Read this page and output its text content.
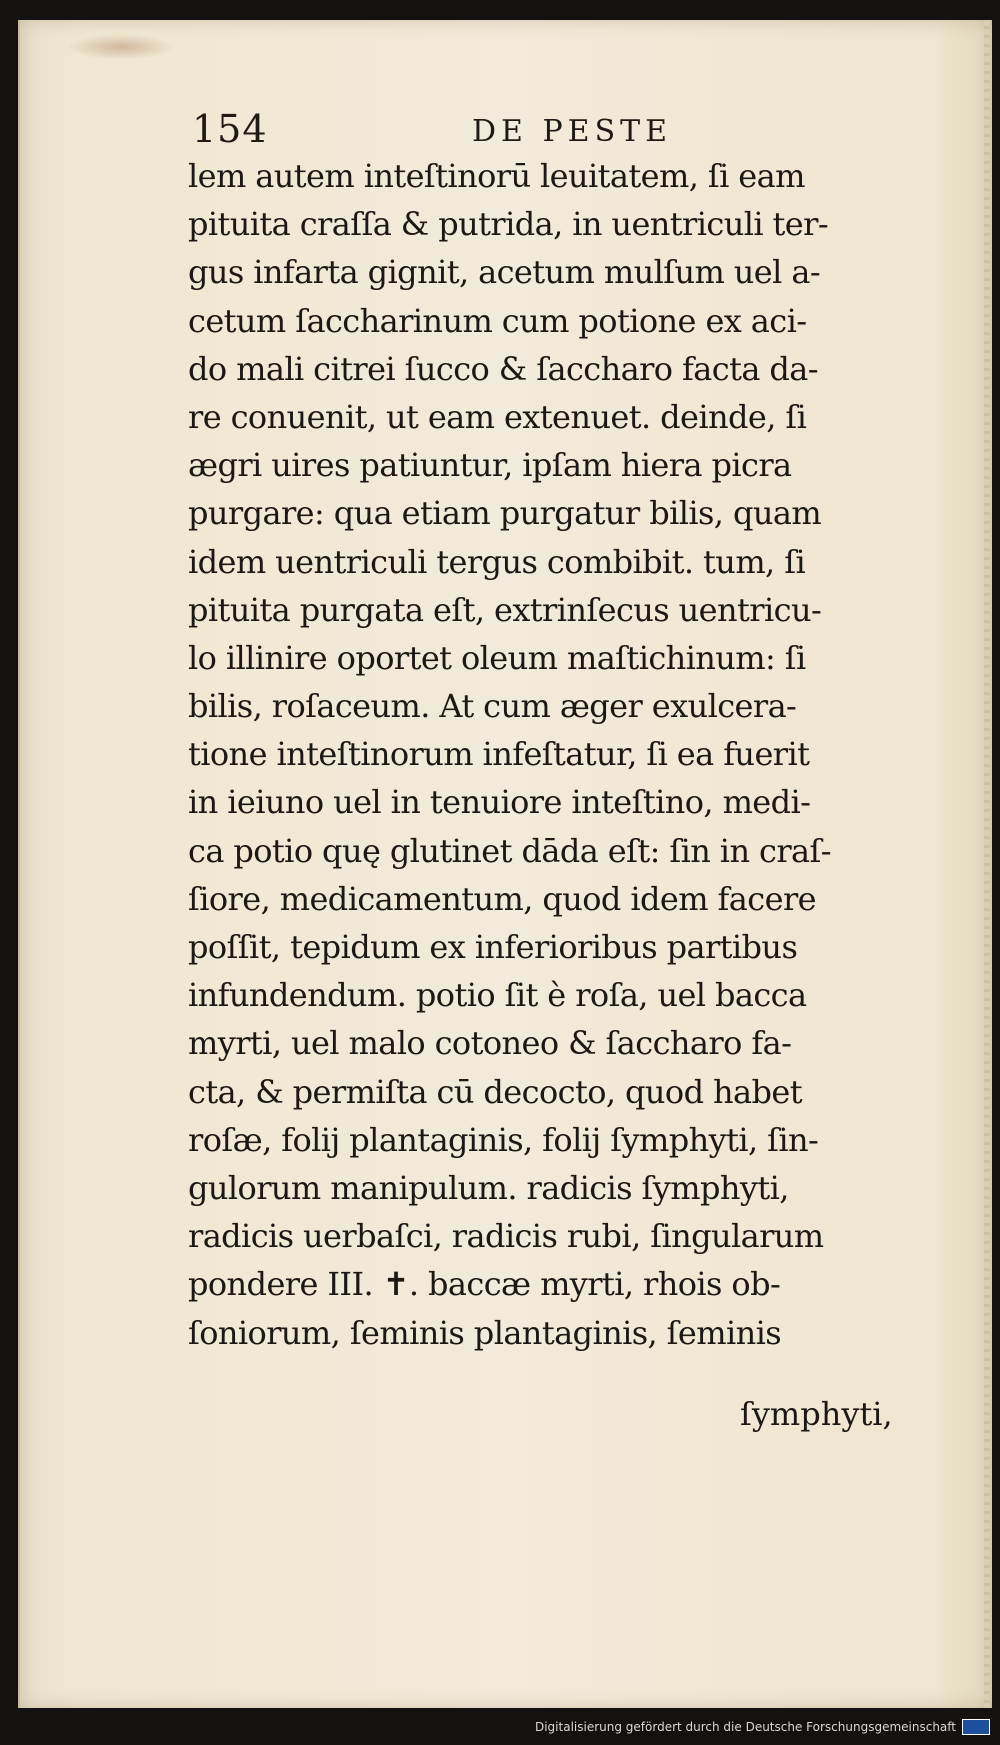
154	DE PESTE
lem autem inteſtinorū leuitatem, ſi eam
pituita craſſa & putrida, in uentriculi ter-
gus infarta gignit, acetum mulſum uel a-
cetum ſaccharinum cum potione ex aci-
do mali citrei ſucco & ſaccharo facta da-
re conuenit, ut eam extenuet. deinde, ſi
ægri uires patiuntur, ipſam hiera picra
purgare: qua etiam purgatur bilis, quam
idem uentriculi tergus combibit. tum, ſi
pituita purgata eſt, extrinſecus uentricu-
lo illinire oportet oleum maſtichinum: ſi
bilis, roſaceum. At cum æger exulcera-
tione inteſtinorum infeſtatur, ſi ea fuerit
in ieiuno uel in tenuiore inteſtino, medi-
ca potio quę glutinet dāda eſt: ſin in craſ-
ſiore, medicamentum, quod idem facere
poſſit, tepidum ex inferioribus partibus
infundendum. potio ſit è roſa, uel bacca
myrti, uel malo cotoneo & ſaccharo fa-
cta, & permiſta cū decocto, quod habet
roſæ, folij plantaginis, folij ſymphyti, ſin-
gulorum manipulum. radicis ſymphyti,
radicis uerbaſci, radicis rubi, ſingularum
pondere III. ✝. baccæ myrti, rhois ob-
ſoniorum, ſeminis plantaginis, ſeminis
ſymphyti,
Digitalisierung gefördert durch die Deutsche Forschungsgemeinschaft
